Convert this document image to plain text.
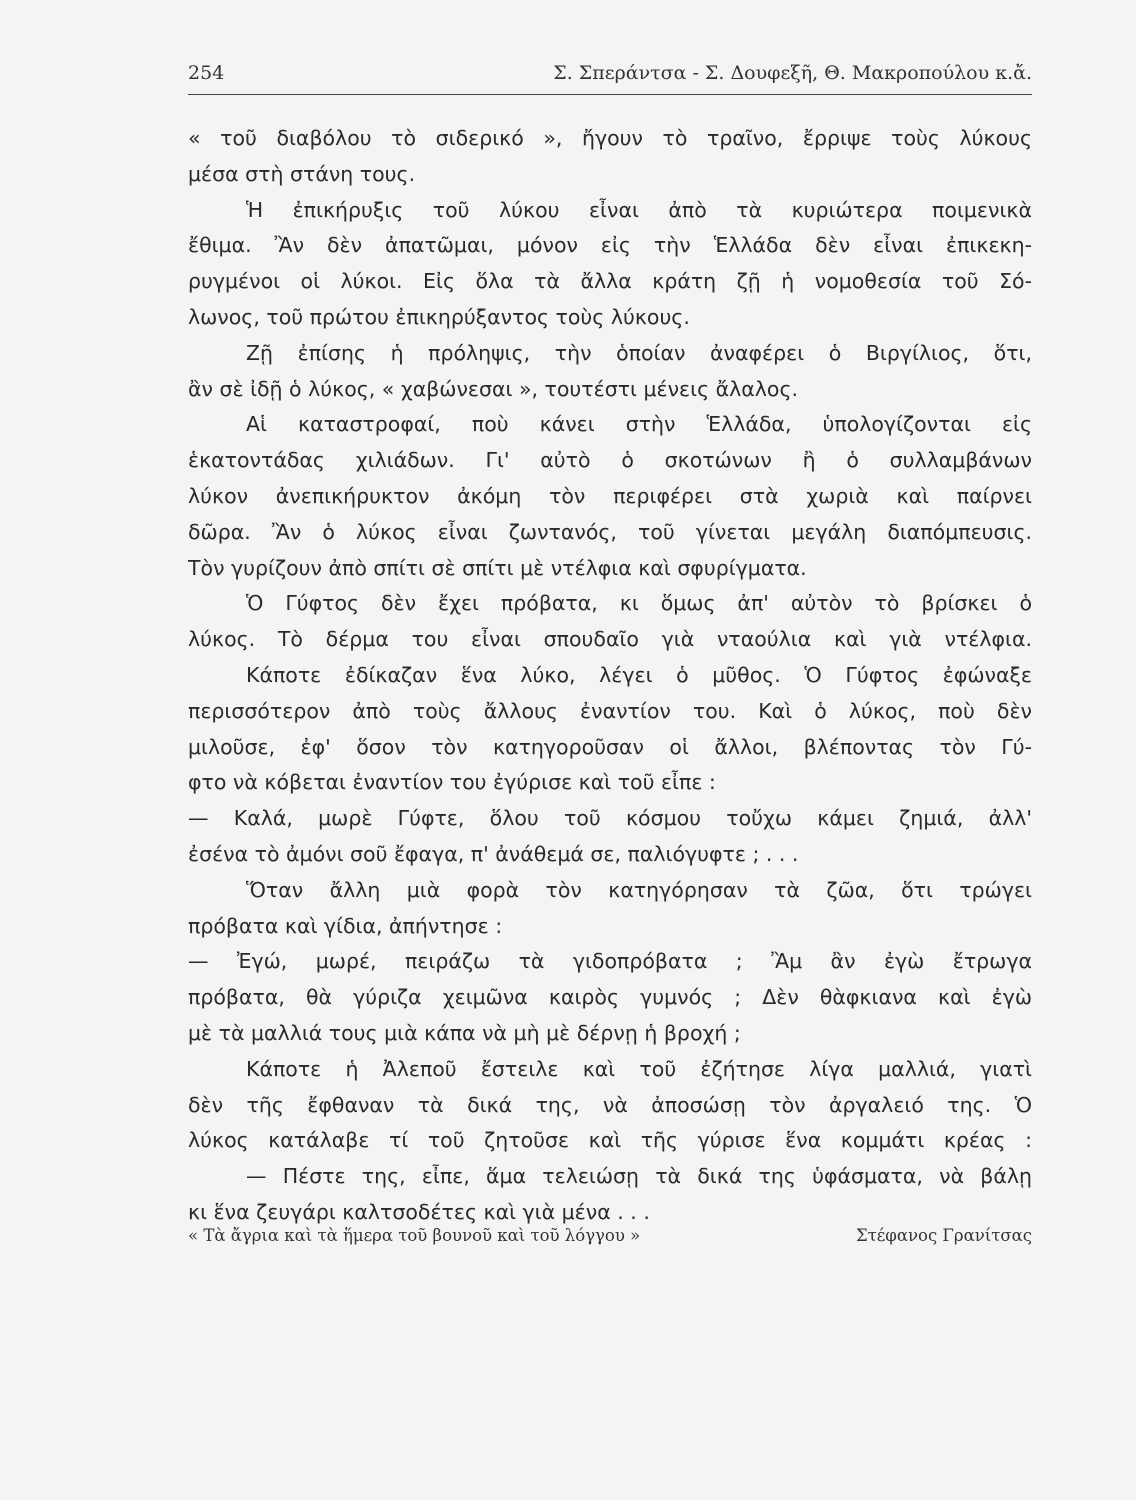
254	Σ. Σπεράντσα - Σ. Δουφεξῆ, Θ. Μακροπούλου κ.ἄ.
« τοῦ διαβόλου τὸ σιδερικό », ἤγουν τὸ τραῖνο, ἔρριψε τοὺς λύκους
μέσα στὴ στάνη τους.
Ἡ ἐπικήρυξις τοῦ λύκου εἶναι ἀπὸ τὰ κυριώτερα ποιμενικὰ
ἔθιμα. Ἂν δὲν ἀπατῶμαι, μόνον εἰς τὴν Ἑλλάδα δὲν εἶναι ἐπικεκη-
ρυγμένοι οἱ λύκοι. Εἰς ὅλα τὰ ἄλλα κράτη ζῇ ἡ νομοθεσία τοῦ Σό-
λωνος, τοῦ πρώτου ἐπικηρύξαντος τοὺς λύκους.
Ζῇ ἐπίσης ἡ πρόληψις, τὴν ὁποίαν ἀναφέρει ὁ Βιργίλιος, ὅτι,
ἂν σὲ ἰδῇ ὁ λύκος, « χαβώνεσαι », τουτέστι μένεις ἄλαλος.
Αἱ καταστροφαί, ποὺ κάνει στὴν Ἑλλάδα, ὑπολογίζονται εἰς
ἑκατοντάδας χιλιάδων. Γι' αὐτὸ ὁ σκοτώνων ἢ ὁ συλλαμβάνων
λύκον ἀνεπικήρυκτον ἀκόμη τὸν περιφέρει στὰ χωριὰ καὶ παίρνει
δῶρα. Ἂν ὁ λύκος εἶναι ζωντανός, τοῦ γίνεται μεγάλη διαπόμπευσις.
Τὸν γυρίζουν ἀπὸ σπίτι σὲ σπίτι μὲ ντέλφια καὶ σφυρίγματα.
Ὁ Γύφτος δὲν ἔχει πρόβατα, κι ὅμως ἀπ' αὐτὸν τὸ βρίσκει ὁ
λύκος. Τὸ δέρμα του εἶναι σπουδαῖο γιὰ νταούλια καὶ γιὰ ντέλφια.
Κάποτε ἐδίκαζαν ἕνα λύκο, λέγει ὁ μῦθος. Ὁ Γύφτος ἐφώναξε
περισσότερον ἀπὸ τοὺς ἄλλους ἐναντίον του. Καὶ ὁ λύκος, ποὺ δὲν
μιλοῦσε, ἐφ' ὅσον τὸν κατηγοροῦσαν οἱ ἄλλοι, βλέποντας τὸν Γύ-
φτο νὰ κόβεται ἐναντίον του ἐγύρισε καὶ τοῦ εἶπε :
— Καλά, μωρὲ Γύφτε, ὅλου τοῦ κόσμου τοὔχω κάμει ζημιά, ἀλλ'
ἐσένα τὸ ἀμόνι σοῦ ἔφαγα, π' ἀνάθεμά σε, παλιόγυφτε ; . . .
Ὅταν ἄλλη μιὰ φορὰ τὸν κατηγόρησαν τὰ ζῶα, ὅτι τρώγει
πρόβατα καὶ γίδια, ἀπήντησε :
— Ἐγώ, μωρέ, πειράζω τὰ γιδοπρόβατα ; Ἂμ ἂν ἐγὼ ἔτρωγα
πρόβατα, θὰ γύριζα χειμῶνα καιρὸς γυμνός ; Δὲν θὰφκιανα καὶ ἐγὼ
μὲ τὰ μαλλιά τους μιὰ κάπα νὰ μὴ μὲ δέρνῃ ἡ βροχή ;
Κάποτε ἡ Ἀλεπoῦ ἔστειλε καὶ τοῦ ἐζήτησε λίγα μαλλιά, γιατὶ
δὲν τῆς ἔφθαναν τὰ δικά της, νὰ ἀποσώσῃ τὸν ἀργαλειό της. Ὁ
λύκος κατάλαβε τί τοῦ ζητοῦσε καὶ τῆς γύρισε ἕνα κομμάτι κρέας :
— Πέστε της, εἶπε, ἅμα τελειώσῃ τὰ δικά της ὑφάσματα, νὰ βάλῃ
κι ἕνα ζευγάρι καλτσοδέτες καὶ γιὰ μένα . . .
« Τὰ ἄγρια καὶ τὰ ἥμερα τοῦ βουνοῦ καὶ τοῦ λόγγου »	Στέφανος Γρανίτσας
